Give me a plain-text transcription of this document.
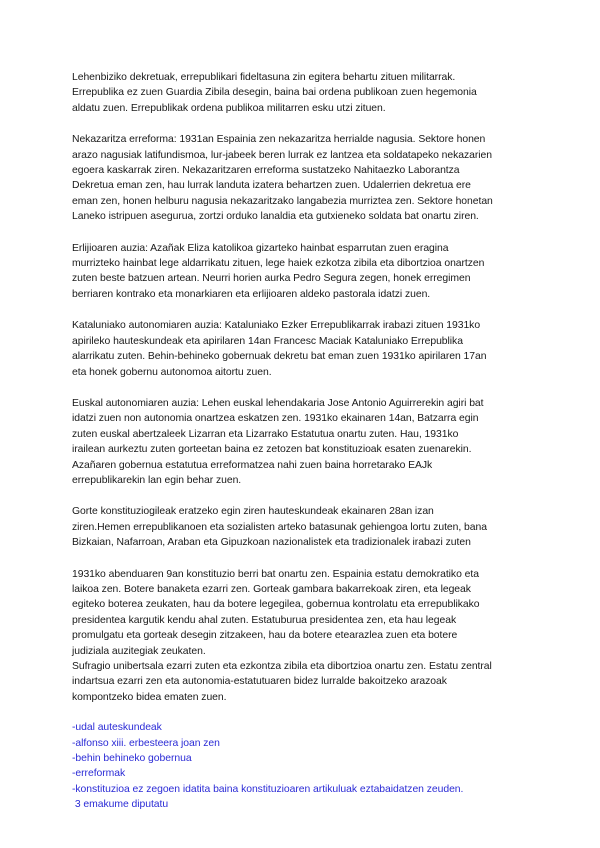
Lehenbiziko dekretuak, errepublikari fideltasuna zin egitera behartu zituen militarrak.
Errepublika ez zuen Guardia Zibila desegin, baina bai ordena publikoan zuen hegemonia
aldatu zuen. Errepublikak ordena publikoa militarren esku utzi zituen.
Nekazaritza erreforma: 1931an Espainia zen nekazaritza herrialde nagusia. Sektore honen
arazo nagusiak latifundismoa, lur-jabeek beren lurrak ez lantzea eta soldatapeko nekazarien
egoera kaskarrak ziren. Nekazaritzaren erreforma sustatzeko Nahitaezko Laborantza
Dekretua eman zen, hau lurrak landuta izatera behartzen zuen. Udalerrien dekretua ere
eman zen, honen helburu nagusia nekazaritzako langabezia murriztea zen. Sektore honetan
Laneko istripuen asegurua, zortzi orduko lanaldia eta gutxieneko soldata bat onartu ziren.
Erlijioaren auzia: Azañak Eliza katolikoa gizarteko hainbat esparrutan zuen eragina
murrizteko hainbat lege aldarrikatu zituen, lege haiek ezkotza zibila eta dibortzioa onartzen
zuten beste batzuen artean. Neurri horien aurka Pedro Segura zegen, honek erregimen
berriaren kontrako eta monarkiaren eta erlijioaren aldeko pastorala idatzi zuen.
Kataluniako autonomiaren auzia: Kataluniako Ezker Errepublikarrak irabazi zituen 1931ko
apirileko hauteskundeak eta apirilaren 14an Francesc Maciak Kataluniako Errepublika
alarrikatu zuten. Behin-behineko gobernuak dekretu bat eman zuen 1931ko apirilaren 17an
eta honek gobernu autonomoa aitortu zuen.
Euskal autonomiaren auzia: Lehen euskal lehendakaria Jose Antonio Aguirrerekin agiri bat
idatzi zuen non autonomia onartzea eskatzen zen. 1931ko ekainaren 14an, Batzarra egin
zuten euskal abertzaleek Lizarran eta Lizarrako Estatutua onartu zuten. Hau, 1931ko
irailean aurkeztu zuten gorteetan baina ez zetozen bat konstituzioak esaten zuenarekin.
Azañaren gobernua estatutua erreformatzea nahi zuen baina horretarako EAJk
errepublikarekin lan egin behar zuen.
Gorte konstituziogileak eratzeko egin ziren hauteskundeak ekainaren 28an izan
ziren.Hemen errepublikanoen eta sozialisten arteko batasunak gehiengoa lortu zuten, bana
Bizkaian, Nafarroan, Araban eta Gipuzkoan nazionalistek eta tradizionalek irabazi zuten
1931ko abenduaren 9an konstituzio berri bat onartu zen. Espainia estatu demokratiko eta
laikoa zen. Botere banaketa ezarri zen. Gorteak gambara bakarrekoak ziren, eta legeak
egiteko boterea zeukaten, hau da botere legegilea, gobernua kontrolatu eta errepublikako
presidentea kargutik kendu ahal zuten. Estatuburua presidentea zen, eta hau legeak
promulgatu eta gorteak desegin zitzakeen, hau da botere etearazlea zuen eta botere
judiziala auzitegiak zeukaten.
Sufragio unibertsala ezarri zuten eta ezkontza zibila eta dibortzioa onartu zen. Estatu zentral
indartsua ezarri zen eta autonomia-estatutuaren bidez lurralde bakoitzeko arazoak
kompontzeko bidea ematen zuen.
-udal auteskundeak
-alfonso xiii. erbesteera joan zen
-behin behineko gobernua
-erreformak
-konstituzioa ez zegoen idatita baina konstituzioaren artikuluak eztabaidatzen zeuden.
3 emakume diputatu
